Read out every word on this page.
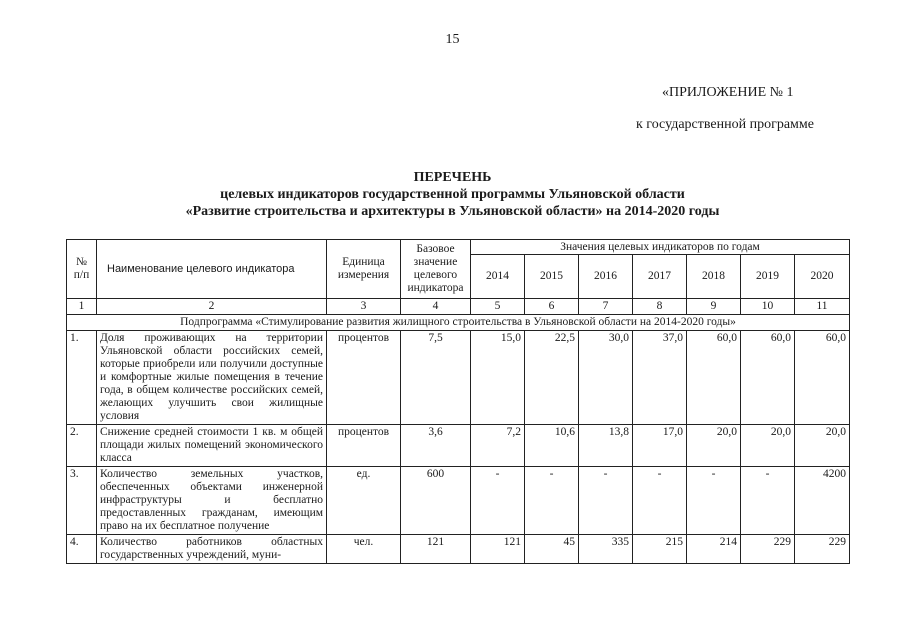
15
«ПРИЛОЖЕНИЕ № 1
к государственной программе
ПЕРЕЧЕНЬ
целевых индикаторов государственной программы Ульяновской области
«Развитие строительства и архитектуры в Ульяновской области» на 2014-2020 годы
№ п/п	Наименование целевого индикатора	Единица измерения	Базовое значение целевого индикатора	Значения целевых индикаторов по годам						
				2014	2015	2016	2017	2018	2019	2020
1	2	3	4	5	6	7	8	9	10	11
Подпрограмма «Стимулирование развития жилищного строительства в Ульяновской области на 2014-2020 годы»										
1.	Доля проживающих на территории Ульяновской области российских семей, которые приобрели или получили доступные и комфортные жилые помещения в течение года, в общем количестве российских семей, желающих улучшить свои жилищные условия	процентов	7,5	15,0	22,5	30,0	37,0	60,0	60,0	60,0
2.	Снижение средней стоимости 1 кв. м общей площади жилых помещений экономического класса	процентов	3,6	7,2	10,6	13,8	17,0	20,0	20,0	20,0
3.	Количество земельных участков, обеспеченных объектами инженерной инфраструктуры и бесплатно предоставленных гражданам, имеющим право на их бесплатное получение	ед.	600	-	-	-	-	-	-	4200
4.	Количество работников областных государственных учреждений, муни-	чел.	121	121	45	335	215	214	229	229
